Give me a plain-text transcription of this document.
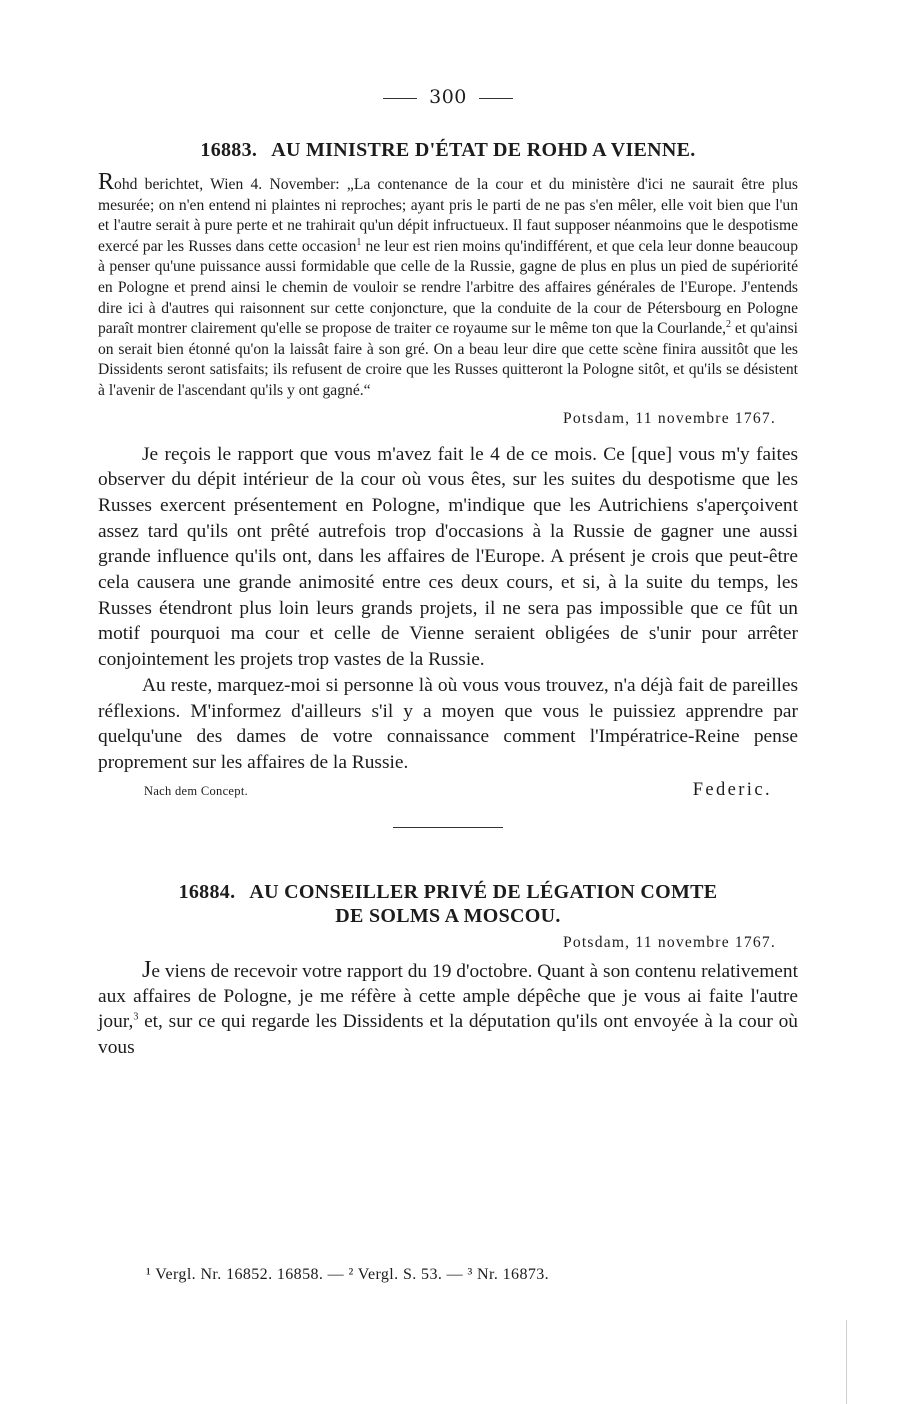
300
16883. AU MINISTRE D'ÉTAT DE ROHD A VIENNE.

Rohd berichtet, Wien 4. November: „La contenance de la cour et du ministère d'ici ne saurait être plus mesurée; on n'en entend ni plaintes ni reproches; ayant pris le parti de ne pas s'en mêler, elle voit bien que l'un et l'autre serait à pure perte et ne trahirait qu'un dépit infructueux. Il faut supposer néanmoins que le despotisme exercé par les Russes dans cette occasion$^1$ ne leur est rien moins qu'indifférent, et que cela leur donne beaucoup à penser qu'une puissance aussi formidable que celle de la Russie, gagne de plus en plus un pied de supériorité en Pologne et prend ainsi le chemin de vouloir se rendre l'arbitre des affaires générales de l'Europe. J'entends dire ici à d'autres qui raisonnent sur cette conjoncture, que la conduite de la cour de Pétersbourg en Pologne paraît montrer clairement qu'elle se propose de traiter ce royaume sur le même ton que la Courlande,$^2$ et qu'ainsi on serait bien étonné qu'on la laissât faire à son gré. On a beau leur dire que cette scène finira aussitôt que les Dissidents seront satisfaits; ils refusent de croire que les Russes quitteront la Pologne sitôt, et qu'ils se désistent à l'avenir de l'ascendant qu'ils y ont gagné.“

Potsdam, 11 novembre 1767.

Je reçois le rapport que vous m'avez fait le 4 de ce mois. Ce [que] vous m'y faites observer du dépit intérieur de la cour où vous êtes, sur les suites du despotisme que les Russes exercent présentement en Pologne, m'indique que les Autrichiens s'aperçoivent assez tard qu'ils ont prêté autrefois trop d'occasions à la Russie de gagner une aussi grande influence qu'ils ont, dans les affaires de l'Europe. A présent je crois que peut-être cela causera une grande animosité entre ces deux cours, et si, à la suite du temps, les Russes étendront plus loin leurs grands projets, il ne sera pas impossible que ce fût un motif pourquoi ma cour et celle de Vienne seraient obligées de s'unir pour arrêter conjointement les projets trop vastes de la Russie.

Au reste, marquez-moi si personne là où vous vous trouvez, n'a déjà fait de pareilles réflexions. M'informez d'ailleurs s'il y a moyen que vous le puissiez apprendre par quelqu'une des dames de votre connaissance comment l'Impératrice-Reine pense proprement sur les affaires de la Russie.

Nach dem Concept.	Federic.
16884. AU CONSEILLER PRIVÉ DE LÉGATION COMTE
DE SOLMS A MOSCOU.
Potsdam, 11 novembre 1767.

Je viens de recevoir votre rapport du 19 d'octobre. Quant à son contenu relativement aux affaires de Pologne, je me réfère à cette ample dépêche que je vous ai faite l'autre jour,$^3$ et, sur ce qui regarde les Dissidents et la députation qu'ils ont envoyée à la cour où vous

¹ Vergl. Nr. 16852. 16858. — ² Vergl. S. 53. — ³ Nr. 16873.
